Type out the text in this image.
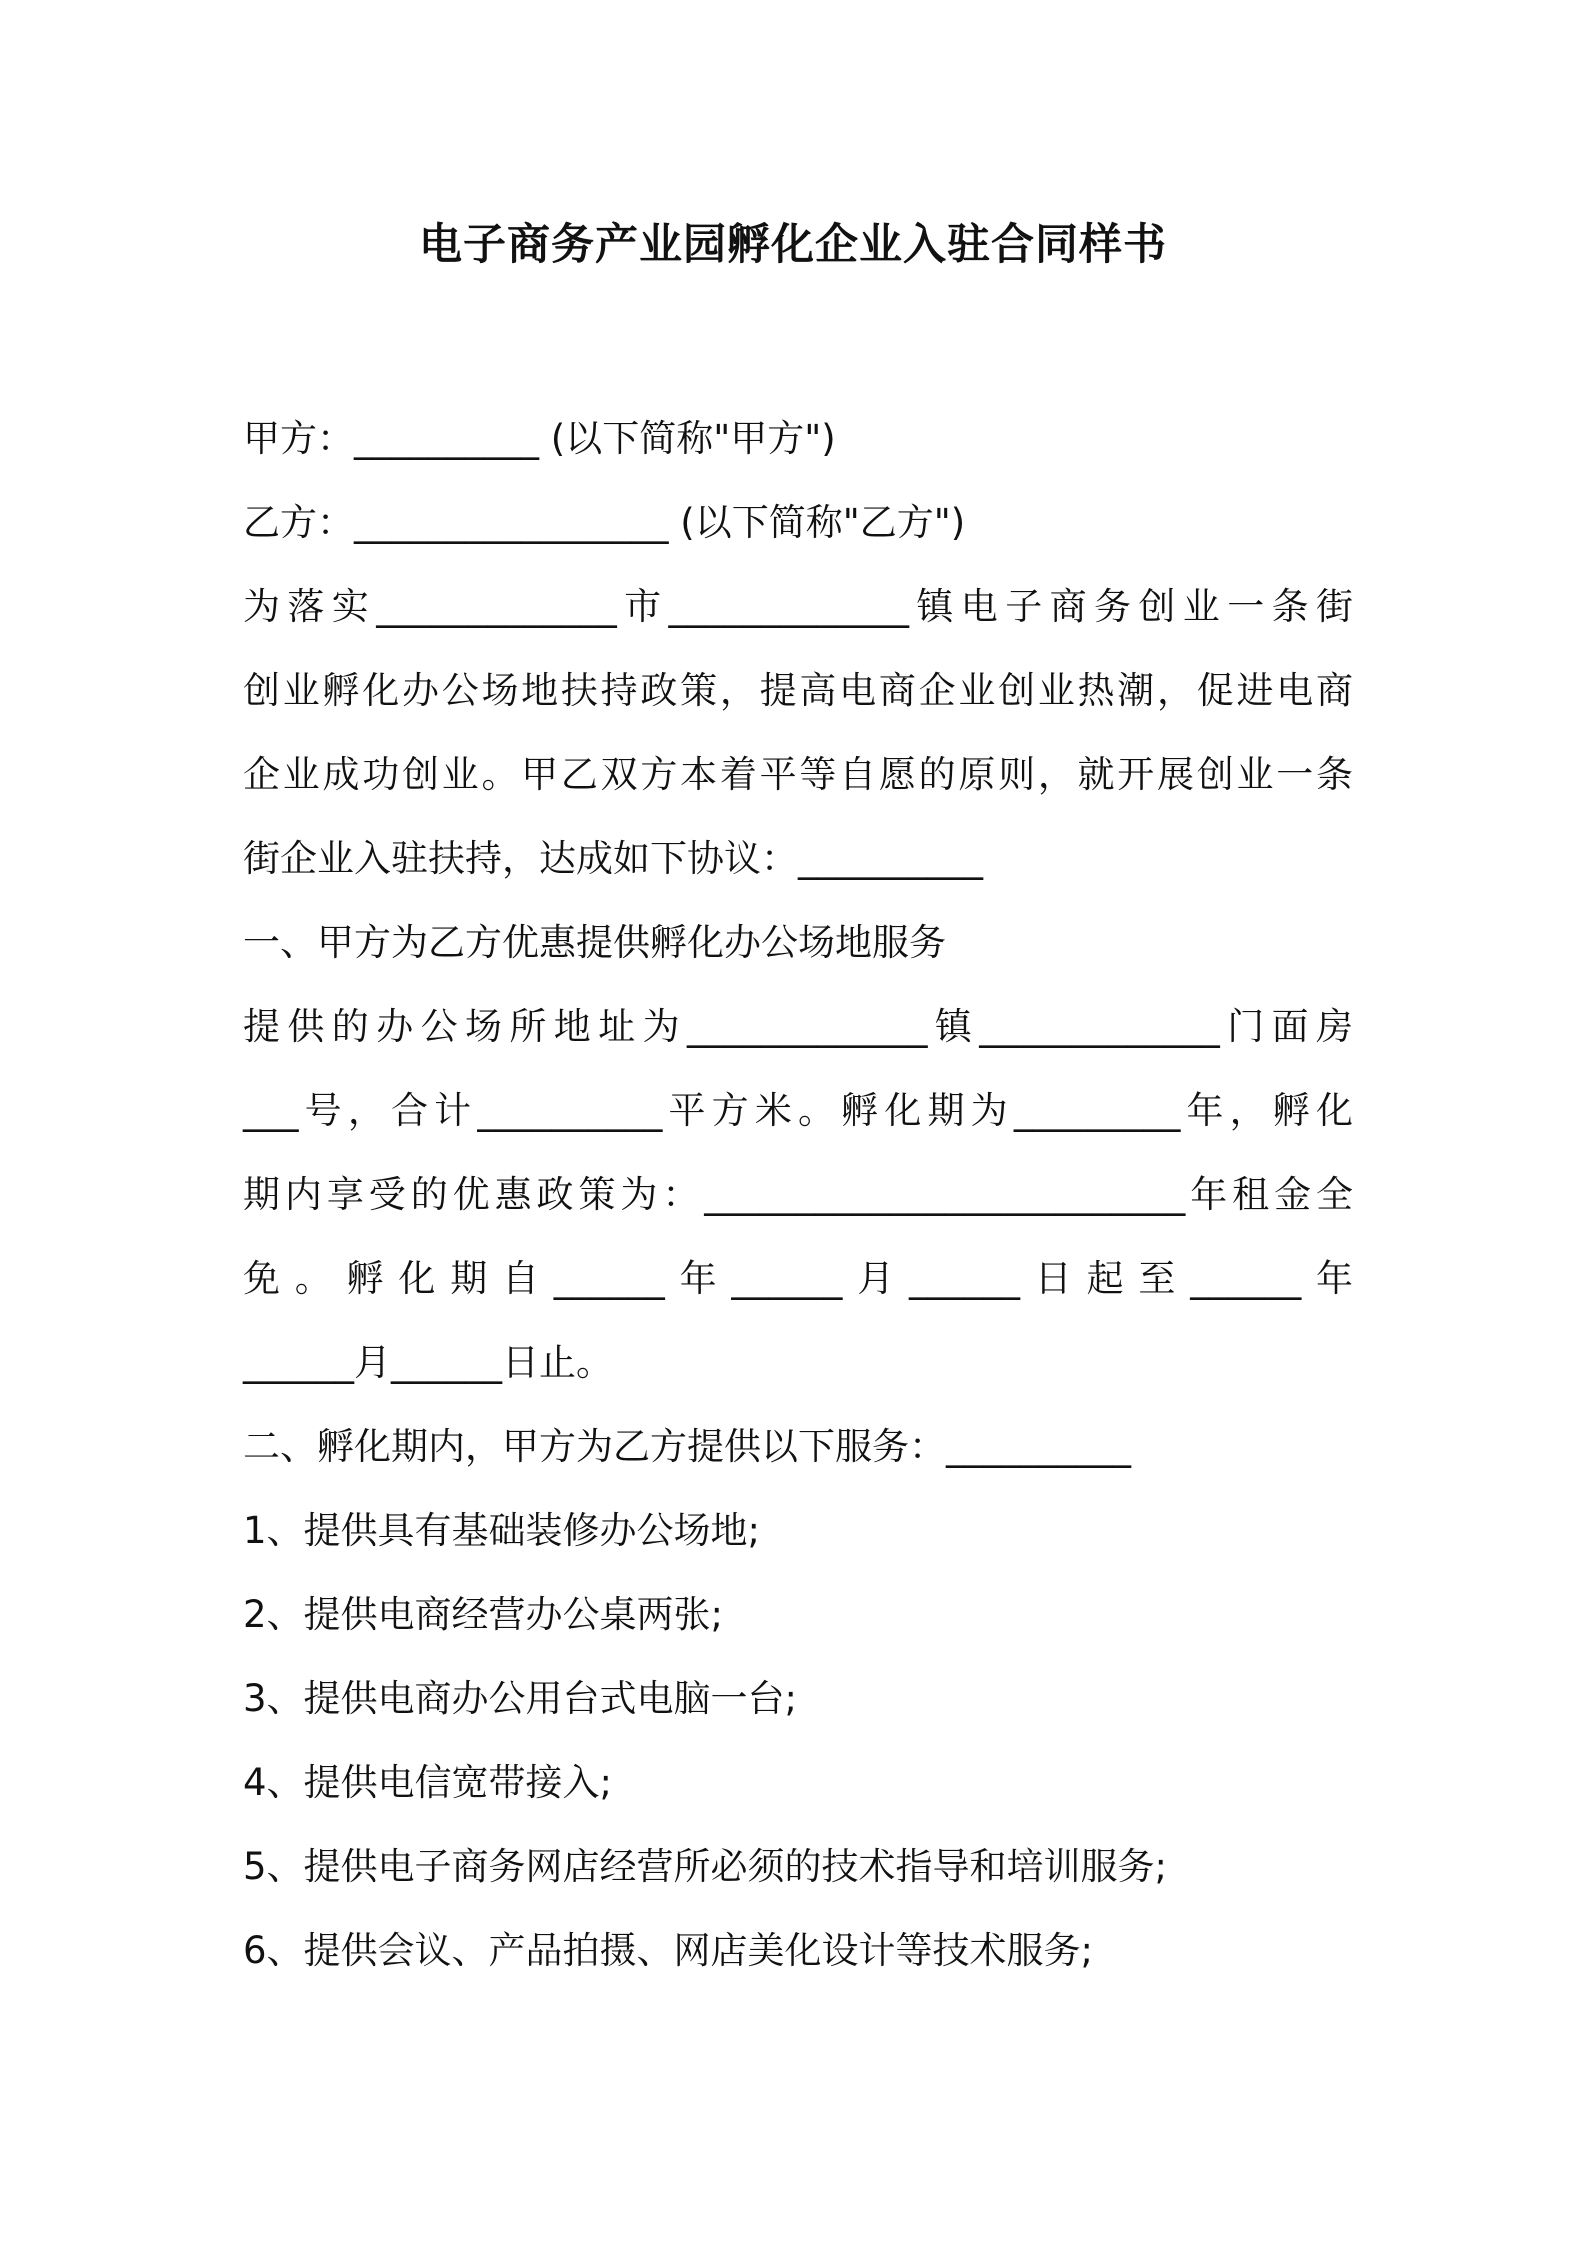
电子商务产业园孵化企业入驻合同样书

甲方：__________ (以下简称"甲方")

乙方：_________________ (以下简称"乙方")

为落实_____________市_____________镇电子商务创业一条街

创业孵化办公场地扶持政策，提高电商企业创业热潮，促进电商

企业成功创业。甲乙双方本着平等自愿的原则，就开展创业一条

街企业入驻扶持，达成如下协议：__________

一、甲方为乙方优惠提供孵化办公场地服务

提供的办公场所地址为_____________镇_____________门面房

___号，合计__________平方米。孵化期为_________年，孵化

期内享受的优惠政策为：__________________________年租金全

免。孵化期自______年______月______日起至______年

______月______日止。

二、孵化期内，甲方为乙方提供以下服务：__________

1、提供具有基础装修办公场地;

2、提供电商经营办公桌两张;

3、提供电商办公用台式电脑一台;

4、提供电信宽带接入;

5、提供电子商务网店经营所必须的技术指导和培训服务;

6、提供会议、产品拍摄、网店美化设计等技术服务;
